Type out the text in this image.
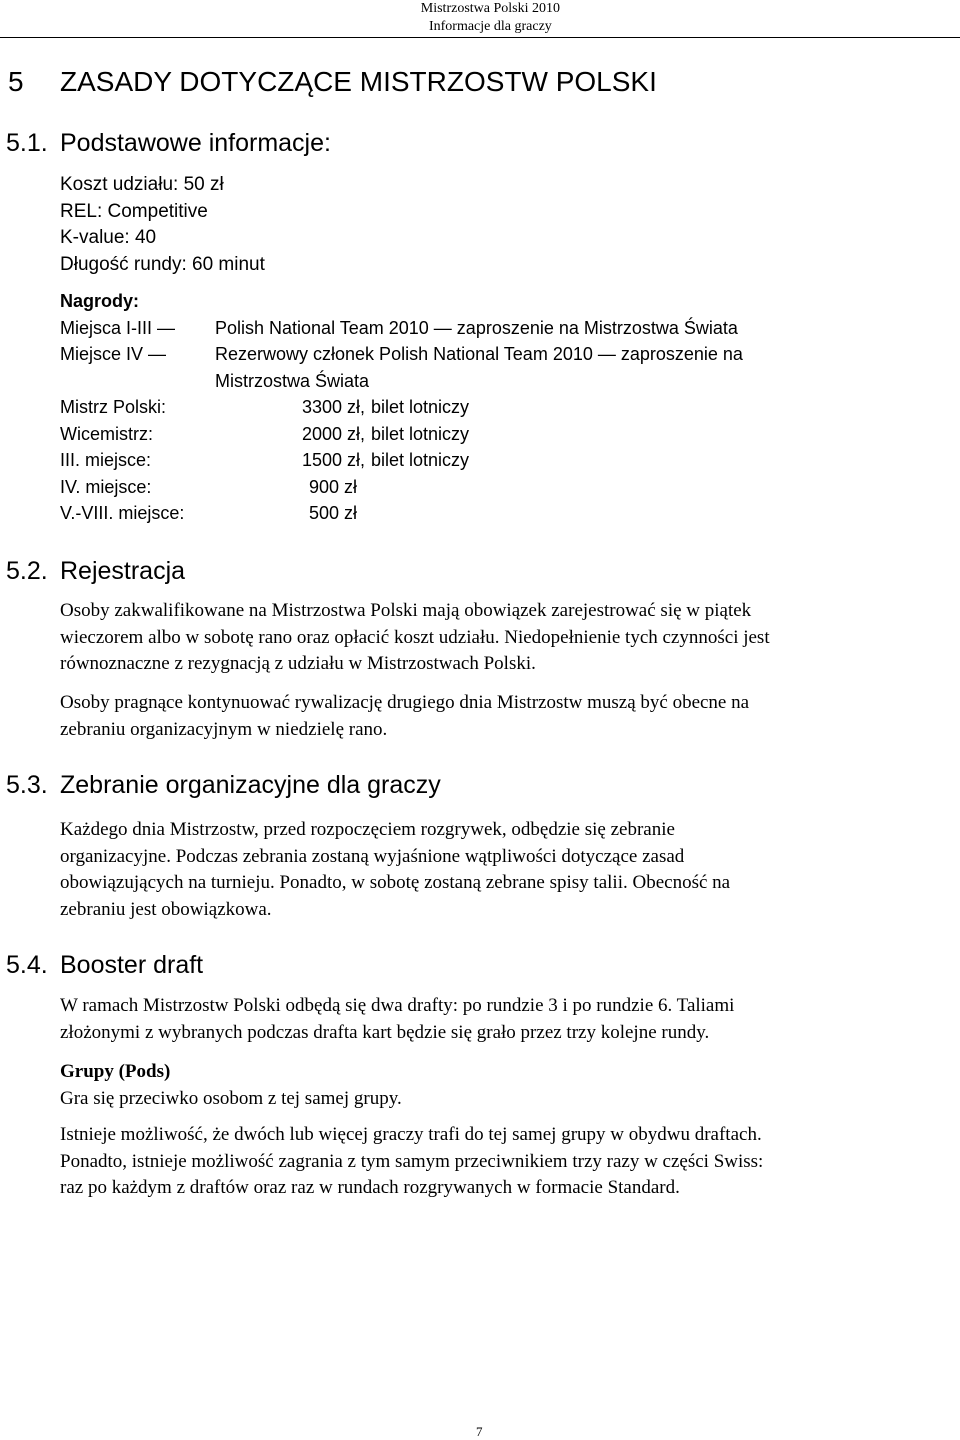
Mistrzostwa Polski 2010
Informacje dla graczy
5 ZASADY DOTYCZĄCE MISTRZOSTW POLSKI
5.1. Podstawowe informacje:
Koszt udziału: 50 zł
REL: Competitive
K-value: 40
Długość rundy: 60 minut
Nagrody:
Miejsca I-III — Polish National Team 2010 — zaproszenie na Mistrzostwa Świata
Miejsce IV —	Rezerwowy członek Polish National Team 2010 — zaproszenie na
Mistrzostwa Świata
Mistrz Polski:	3300 zł, bilet lotniczy
Wicemistrz:	2000 zł, bilet lotniczy
III. miejsce:	1500 zł, bilet lotniczy
IV. miejsce:	900 zł
V.-VIII. miejsce:	500 zł
5.2. Rejestracja
Osoby zakwalifikowane na Mistrzostwa Polski mają obowiązek zarejestrować się w piątek
wieczorem albo w sobotę rano oraz opłacić koszt udziału. Niedopełnienie tych czynności jest
równoznaczne z rezygnacją z udziału w Mistrzostwach Polski.
Osoby pragnące kontynuować rywalizację drugiego dnia Mistrzostw muszą być obecne na
zebraniu organizacyjnym w niedzielę rano.
5.3. Zebranie organizacyjne dla graczy
Każdego dnia Mistrzostw, przed rozpoczęciem rozgrywek, odbędzie się zebranie
organizacyjne. Podczas zebrania zostaną wyjaśnione wątpliwości dotyczące zasad
obowiązujących na turnieju. Ponadto, w sobotę zostaną zebrane spisy talii. Obecność na
zebraniu jest obowiązkowa.
5.4. Booster draft
W ramach Mistrzostw Polski odbędą się dwa drafty: po rundzie 3 i po rundzie 6. Taliami
złożonymi z wybranych podczas drafta kart będzie się grało przez trzy kolejne rundy.
Grupy (Pods)
Gra się przeciwko osobom z tej samej grupy.
Istnieje możliwość, że dwóch lub więcej graczy trafi do tej samej grupy w obydwu draftach.
Ponadto, istnieje możliwość zagrania z tym samym przeciwnikiem trzy razy w części Swiss:
raz po każdym z draftów oraz raz w rundach rozgrywanych w formacie Standard.
7
